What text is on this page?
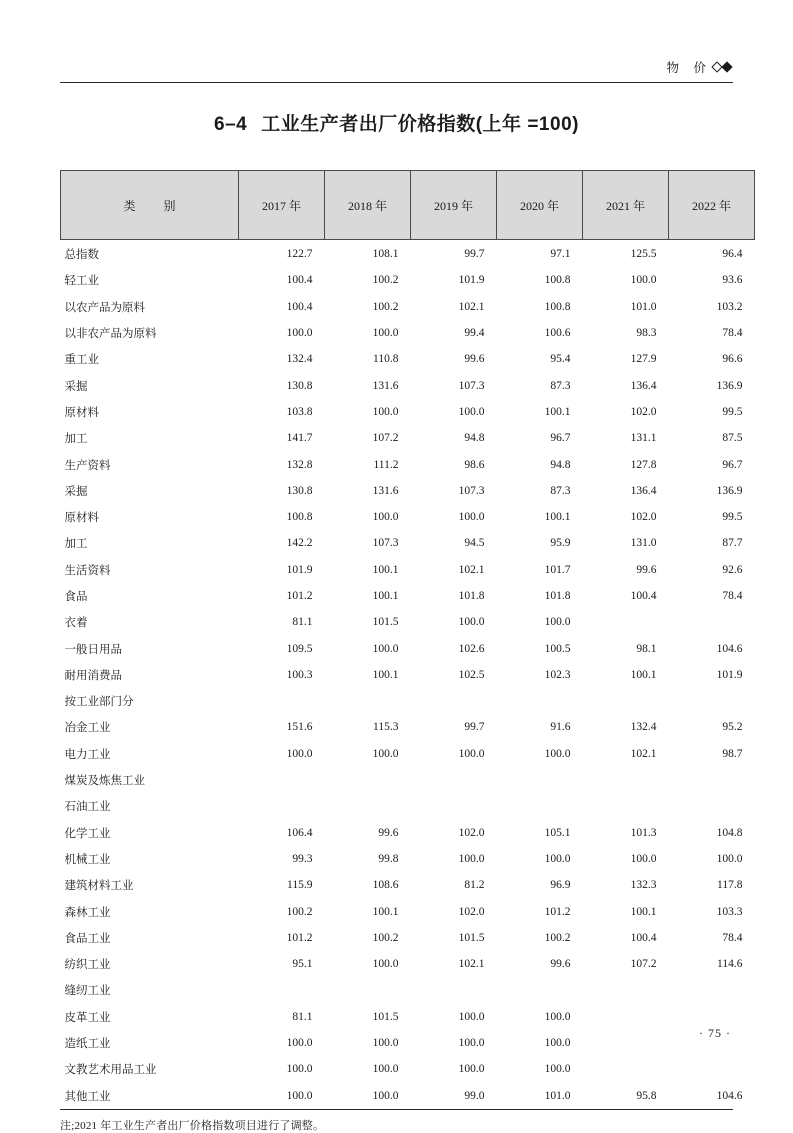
物　价
6–4 工业生产者出厂价格指数(上年 =100)
类　别	2017 年	2018 年	2019 年	2020 年	2021 年	2022 年
总指数	122.7	108.1	99.7	97.1	125.5	96.4
轻工业	100.4	100.2	101.9	100.8	100.0	93.6
以农产品为原料	100.4	100.2	102.1	100.8	101.0	103.2
以非农产品为原料	100.0	100.0	99.4	100.6	98.3	78.4
重工业	132.4	110.8	99.6	95.4	127.9	96.6
采掘	130.8	131.6	107.3	87.3	136.4	136.9
原材料	103.8	100.0	100.0	100.1	102.0	99.5
加工	141.7	107.2	94.8	96.7	131.1	87.5
生产资料	132.8	111.2	98.6	94.8	127.8	96.7
采掘	130.8	131.6	107.3	87.3	136.4	136.9
原材料	100.8	100.0	100.0	100.1	102.0	99.5
加工	142.2	107.3	94.5	95.9	131.0	87.7
生活资料	101.9	100.1	102.1	101.7	99.6	92.6
食品	101.2	100.1	101.8	101.8	100.4	78.4
衣着	81.1	101.5	100.0	100.0		
一般日用品	109.5	100.0	102.6	100.5	98.1	104.6
耐用消费品	100.3	100.1	102.5	102.3	100.1	101.9
按工业部门分						
冶金工业	151.6	115.3	99.7	91.6	132.4	95.2
电力工业	100.0	100.0	100.0	100.0	102.1	98.7
煤炭及炼焦工业						
石油工业						
化学工业	106.4	99.6	102.0	105.1	101.3	104.8
机械工业	99.3	99.8	100.0	100.0	100.0	100.0
建筑材料工业	115.9	108.6	81.2	96.9	132.3	117.8
森林工业	100.2	100.1	102.0	101.2	100.1	103.3
食品工业	101.2	100.2	101.5	100.2	100.4	78.4
纺织工业	95.1	100.0	102.1	99.6	107.2	114.6
缝纫工业						
皮革工业	81.1	101.5	100.0	100.0		
造纸工业	100.0	100.0	100.0	100.0		
文教艺术用品工业	100.0	100.0	100.0	100.0		
其他工业	100.0	100.0	99.0	101.0	95.8	104.6
注;2021 年工业生产者出厂价格指数项目进行了调整。
· 75 ·
